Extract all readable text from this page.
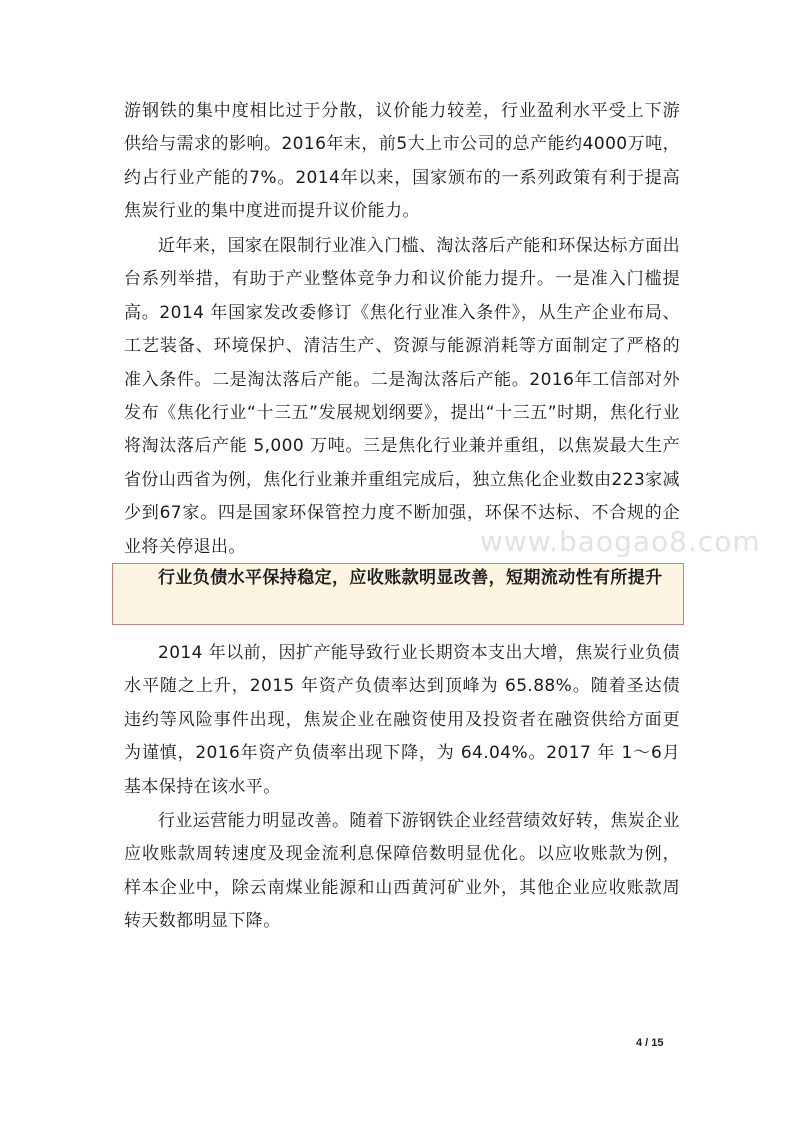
游钢铁的集中度相比过于分散，议价能力较差，行业盈利水平受上下游供给与需求的影响。2016年末，前5大上市公司的总产能约4000万吨，约占行业产能的7%。2014年以来，国家颁布的一系列政策有利于提高焦炭行业的集中度进而提升议价能力。

近年来，国家在限制行业准入门槛、淘汰落后产能和环保达标方面出台系列举措，有助于产业整体竞争力和议价能力提升。一是准入门槛提高。2014 年国家发改委修订《焦化行业准入条件》，从生产企业布局、工艺装备、环境保护、清洁生产、资源与能源消耗等方面制定了严格的准入条件。二是淘汰落后产能。二是淘汰落后产能。2016年工信部对外发布《焦化行业“十三五”发展规划纲要》，提出“十三五”时期，焦化行业将淘汰落后产能 5,000 万吨。三是焦化行业兼并重组，以焦炭最大生产省份山西省为例，焦化行业兼并重组完成后，独立焦化企业数由223家减少到67家。四是国家环保管控力度不断加强，环保不达标、不合规的企业将关停退出。	www.baogao8.com

行业负债水平保持稳定，应收账款明显改善，短期流动性有所提升

2014 年以前，因扩产能导致行业长期资本支出大增，焦炭行业负债水平随之上升，2015 年资产负债率达到顶峰为 65.88%。随着圣达债违约等风险事件出现，焦炭企业在融资使用及投资者在融资供给方面更为谨慎，2016年资产负债率出现下降，为 64.04%。2017 年 1～6月基本保持在该水平。

行业运营能力明显改善。随着下游钢铁企业经营绩效好转，焦炭企业应收账款周转速度及现金流利息保障倍数明显优化。以应收账款为例，样本企业中，除云南煤业能源和山西黄河矿业外，其他企业应收账款周转天数都明显下降。

4 / 15
